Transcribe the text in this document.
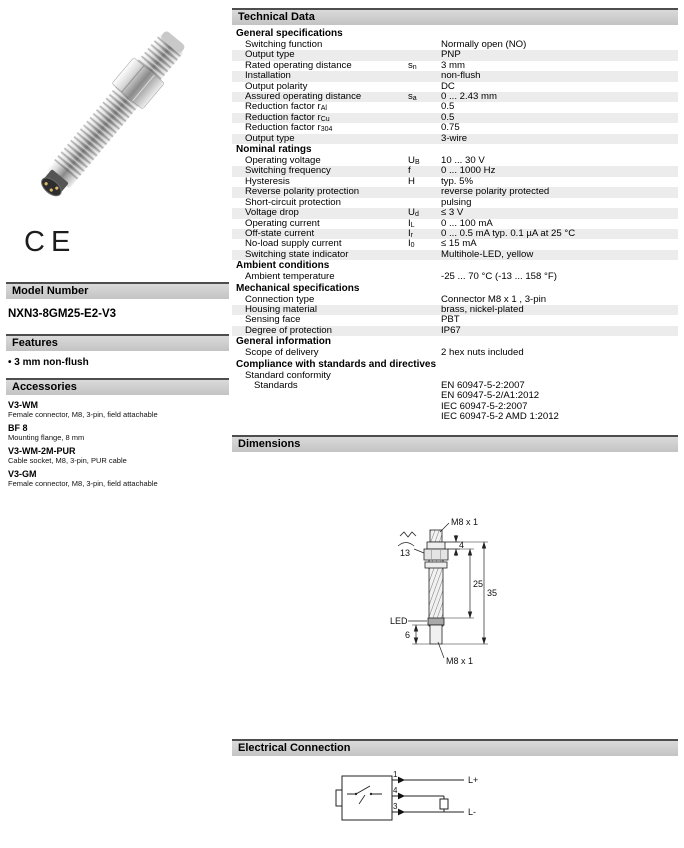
CE
Model Number
NXN3-8GM25-E2-V3
Features
• 3 mm non-flush
Accessories
V3-WM
Female connector, M8, 3-pin, field attachable
BF 8
Mounting flange, 8 mm
V3-WM-2M-PUR
Cable socket, M8, 3-pin, PUR cable
V3-GM
Female connector, M8, 3-pin, field attachable
Technical Data
General specifications
Switching function	Normally open (NO)
Output type	PNP
Rated operating distance	$s_n$	3 mm
Installation	non-flush
Output polarity	DC
Assured operating distance	$s_a$	0 ... 2.43 mm
Reduction factor $r_{Al}$	0.5
Reduction factor $r_{Cu}$	0.5
Reduction factor $r_{304}$	0.75
Output type	3-wire
Nominal ratings
Operating voltage	$U_B$	10 ... 30 V
Switching frequency	f	0 ... 1000 Hz
Hysteresis	H	typ. 5%
Reverse polarity protection	reverse polarity protected
Short-circuit protection	pulsing
Voltage drop	$U_d$	≤ 3 V
Operating current	$I_L$	0 ... 100 mA
Off-state current	$I_r$	0 ... 0.5 mA typ. 0.1 µA at 25 °C
No-load supply current	$I_0$	≤ 15 mA
Switching state indicator	Multihole-LED, yellow
Ambient conditions
Ambient temperature	-25 ... 70 °C (-13 ... 158 °F)
Mechanical specifications
Connection type	Connector M8 x 1 , 3-pin
Housing material	brass, nickel-plated
Sensing face	PBT
Degree of protection	IP67
General information
Scope of delivery	2 hex nuts included
Compliance with standards and directives
Standard conformity
Standards	EN 60947-5-2:2007
EN 60947-5-2/A1:2012
IEC 60947-5-2:2007
IEC 60947-5-2 AMD 1:2012
Dimensions
M8 x 1
13
4
25
35
LED
6
M8 x 1
Electrical Connection
1
L+
4
3
L-
